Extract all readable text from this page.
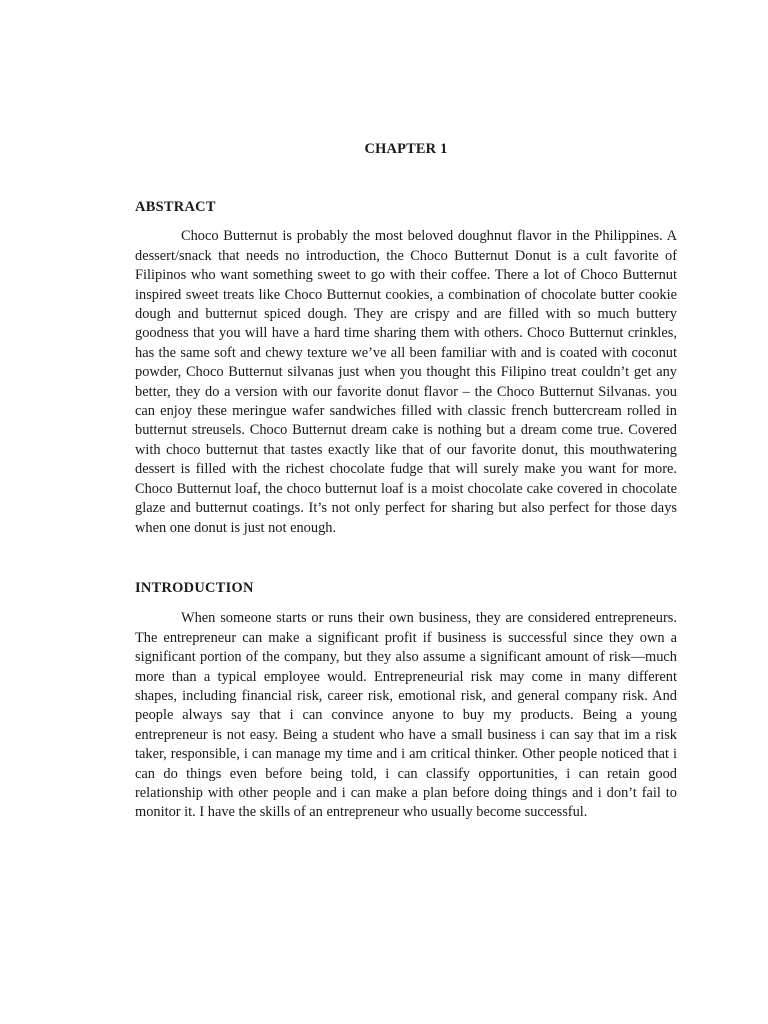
CHAPTER 1
ABSTRACT

Choco Butternut is probably the most beloved doughnut flavor in the Philippines. A dessert/snack that needs no introduction, the Choco Butternut Donut is a cult favorite of Filipinos who want something sweet to go with their coffee. There a lot of Choco Butternut inspired sweet treats like Choco Butternut cookies, a combination of chocolate butter cookie dough and butternut spiced dough. They are crispy and are filled with so much buttery goodness that you will have a hard time sharing them with others. Choco Butternut crinkles, has the same soft and chewy texture we’ve all been familiar with and is coated with coconut powder, Choco Butternut silvanas just when you thought this Filipino treat couldn’t get any better, they do a version with our favorite donut flavor – the Choco Butternut Silvanas. you can enjoy these meringue wafer sandwiches filled with classic french buttercream rolled in butternut streusels. Choco Butternut dream cake is nothing but a dream come true. Covered with choco butternut that tastes exactly like that of our favorite donut, this mouthwatering dessert is filled with the richest chocolate fudge that will surely make you want for more. Choco Butternut loaf, the choco butternut loaf is a moist chocolate cake covered in chocolate glaze and butternut coatings. It’s not only perfect for sharing but also perfect for those days when one donut is just not enough.

INTRODUCTION

When someone starts or runs their own business, they are considered entrepreneurs. The entrepreneur can make a significant profit if business is successful since they own a significant portion of the company, but they also assume a significant amount of risk—much more than a typical employee would. Entrepreneurial risk may come in many different shapes, including financial risk, career risk, emotional risk, and general company risk. And people always say that i can convince anyone to buy my products. Being a young entrepreneur is not easy. Being a student who have a small business i can say that im a risk taker, responsible, i can manage my time and i am critical thinker. Other people noticed that i can do things even before being told, i can classify opportunities, i can retain good relationship with other people and i can make a plan before doing things and i don’t fail to monitor it. I have the skills of an entrepreneur who usually become successful.
